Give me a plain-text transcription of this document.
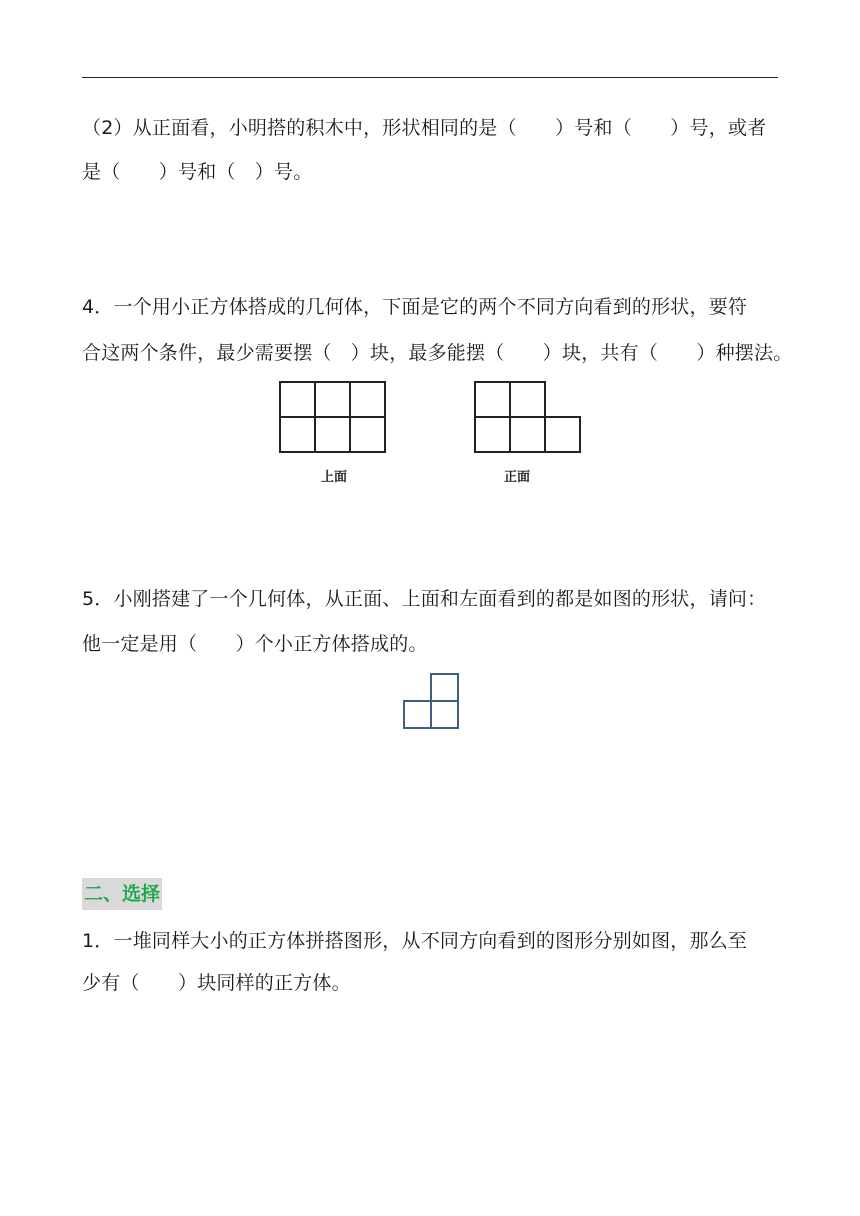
（2）从正面看，小明搭的积木中，形状相同的是（　　）号和（　　）号，或者
是（　　）号和（　）号。
4．一个用小正方体搭成的几何体，下面是它的两个不同方向看到的形状，要符
合这两个条件，最少需要摆（　）块，最多能摆（　　）块，共有（　　）种摆法。
上面	正面
5．小刚搭建了一个几何体，从正面、上面和左面看到的都是如图的形状，请问：
他一定是用（　　）个小正方体搭成的。
二、选择
1．一堆同样大小的正方体拼搭图形，从不同方向看到的图形分别如图，那么至
少有（　　）块同样的正方体。
